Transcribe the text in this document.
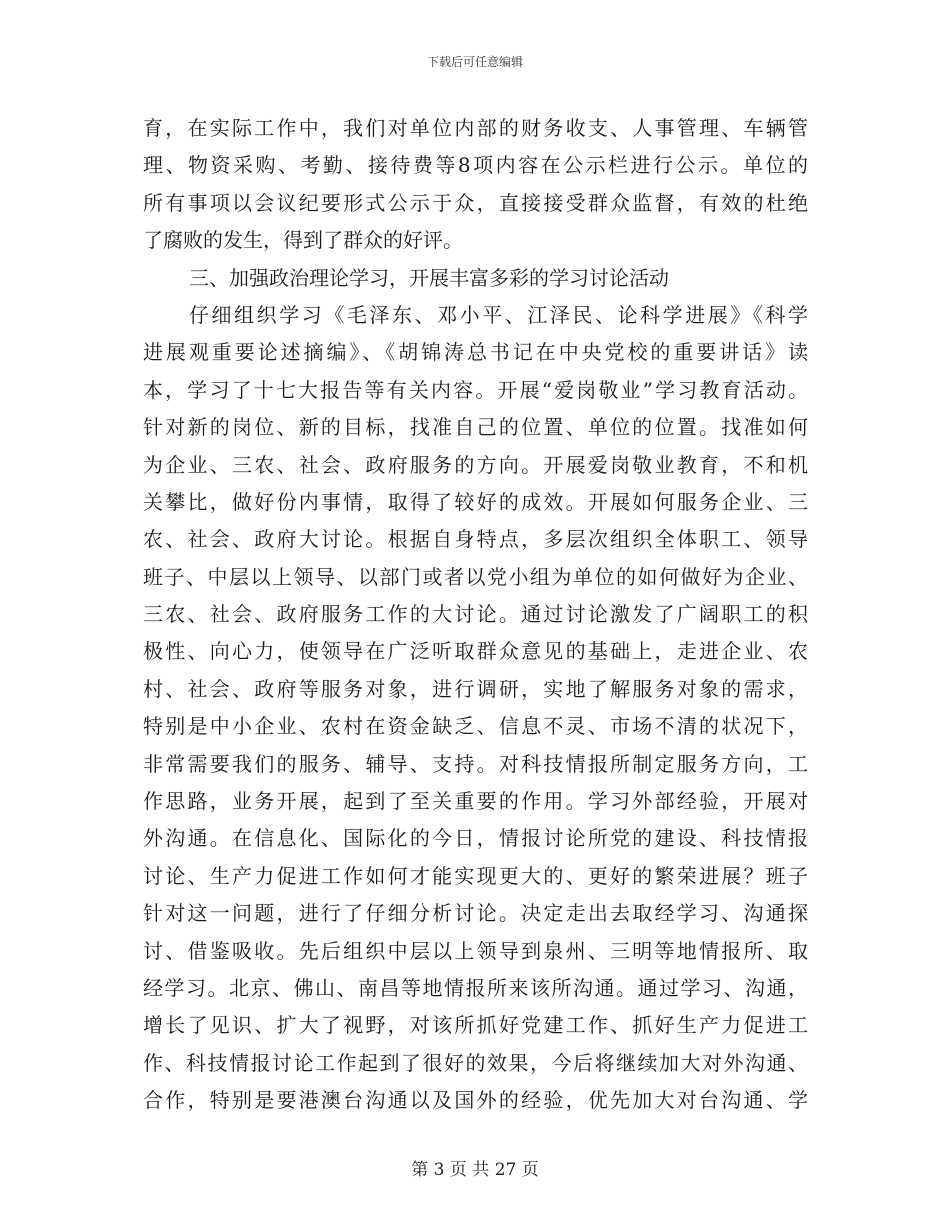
下载后可任意编辑
育，在实际工作中，我们对单位内部的财务收支、人事管理、车辆管
理、物资采购、考勤、接待费等8项内容在公示栏进行公示。单位的
所有事项以会议纪要形式公示于众，直接接受群众监督，有效的杜绝
了腐败的发生，得到了群众的好评。
三、加强政治理论学习，开展丰富多彩的学习讨论活动
仔细组织学习《毛泽东、邓小平、江泽民、论科学进展》《科学
进展观重要论述摘编》、《胡锦涛总书记在中央党校的重要讲话》读
本，学习了十七大报告等有关内容。开展“爱岗敬业”学习教育活动。
针对新的岗位、新的目标，找准自己的位置、单位的位置。找准如何
为企业、三农、社会、政府服务的方向。开展爱岗敬业教育，不和机
关攀比，做好份内事情，取得了较好的成效。开展如何服务企业、三
农、社会、政府大讨论。根据自身特点，多层次组织全体职工、领导
班子、中层以上领导、以部门或者以党小组为单位的如何做好为企业、
三农、社会、政府服务工作的大讨论。通过讨论激发了广阔职工的积
极性、向心力，使领导在广泛听取群众意见的基础上，走进企业、农
村、社会、政府等服务对象，进行调研，实地了解服务对象的需求，
特别是中小企业、农村在资金缺乏、信息不灵、市场不清的状况下，
非常需要我们的服务、辅导、支持。对科技情报所制定服务方向，工
作思路，业务开展，起到了至关重要的作用。学习外部经验，开展对
外沟通。在信息化、国际化的今日，情报讨论所党的建设、科技情报
讨论、生产力促进工作如何才能实现更大的、更好的繁荣进展？班子
针对这一问题，进行了仔细分析讨论。决定走出去取经学习、沟通探
讨、借鉴吸收。先后组织中层以上领导到泉州、三明等地情报所、取
经学习。北京、佛山、南昌等地情报所来该所沟通。通过学习、沟通，
增长了见识、扩大了视野，对该所抓好党建工作、抓好生产力促进工
作、科技情报讨论工作起到了很好的效果，今后将继续加大对外沟通、
合作，特别是要港澳台沟通以及国外的经验，优先加大对台沟通、学
第 3 页 共 27 页
